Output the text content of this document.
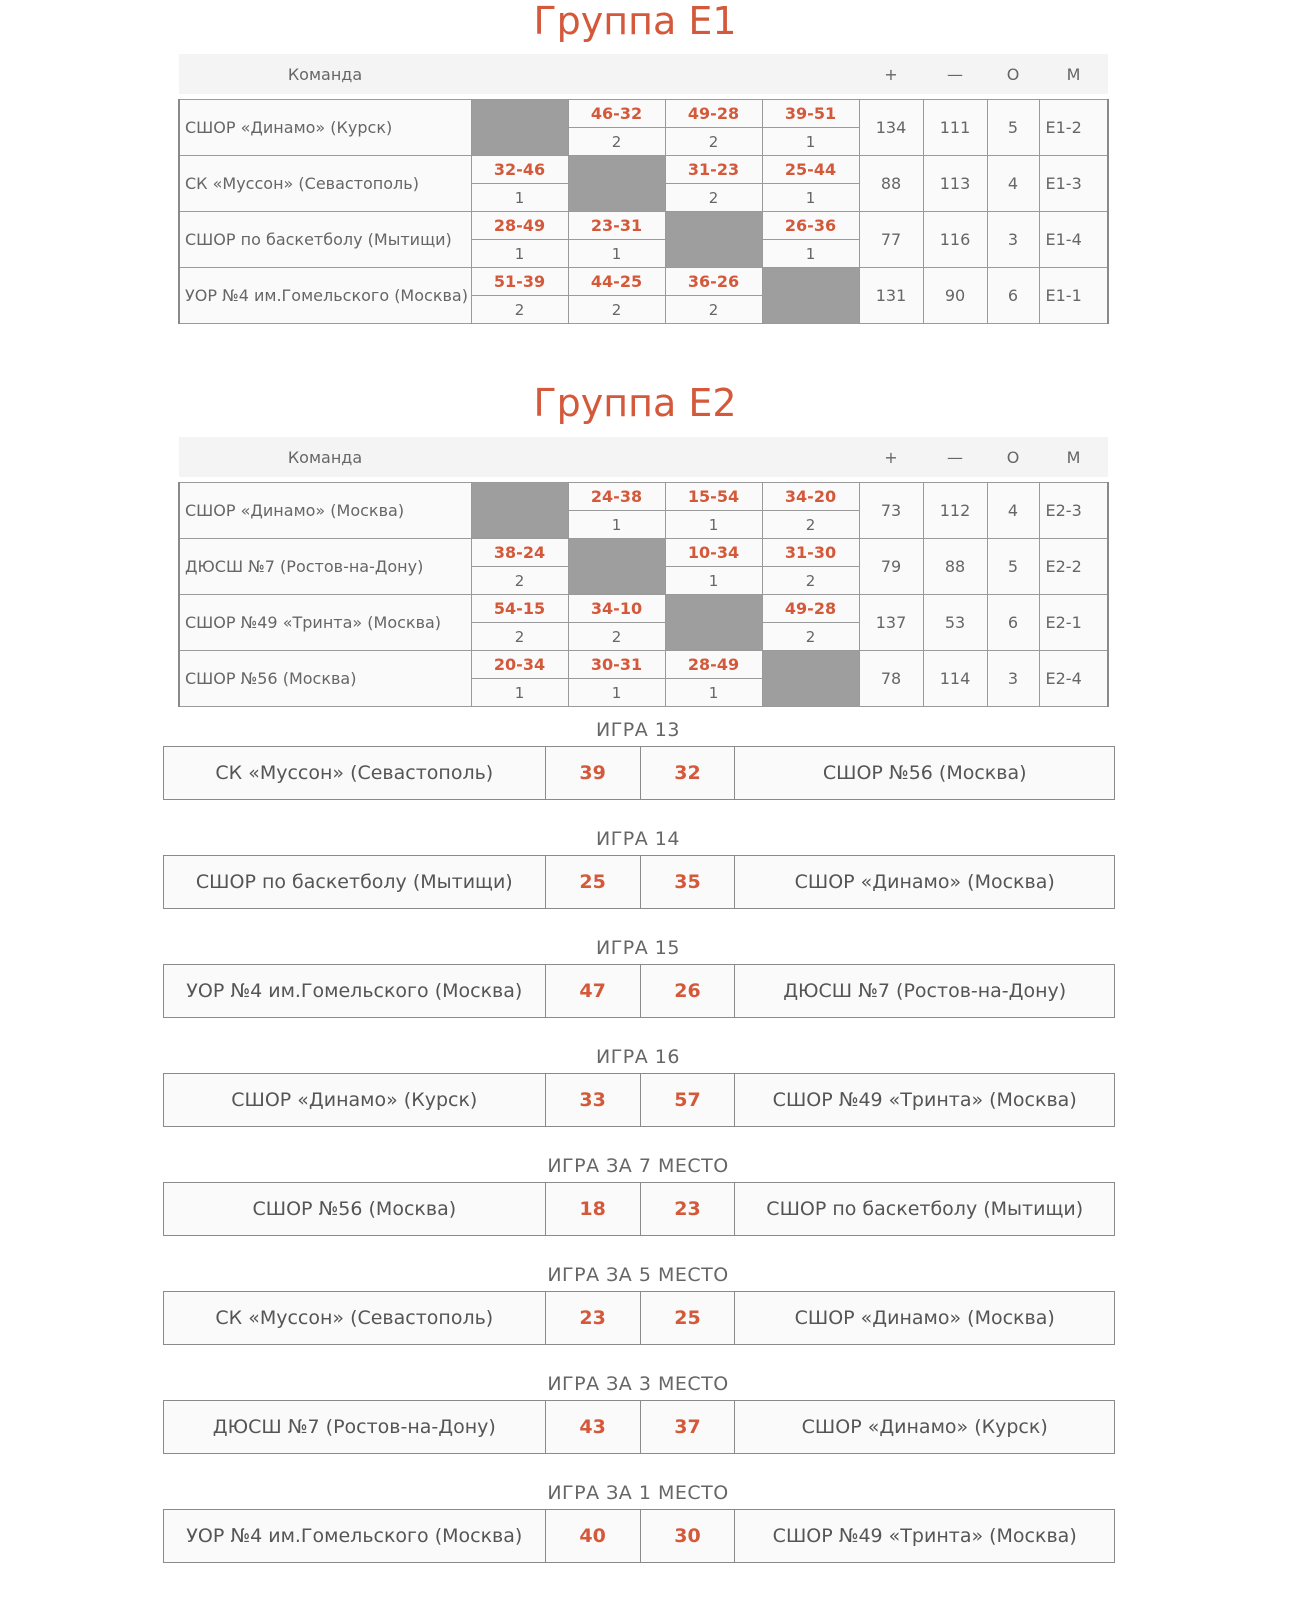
Группа E1
Команда					+	—	О	М

СШОР «Динамо» (Курск)		46-32	49-28	39-51	134	111	5	E1-2
		2	2	1				
СК «Муссон» (Севастополь)	32-46		31-23	25-44	88	113	4	E1-3
	1		2	1				
СШОР по баскетболу (Мытищи)	28-49	23-31		26-36	77	116	3	E1-4
	1	1		1				
УОР №4 им.Гомельского (Москва)	51-39	44-25	36-26		131	90	6	E1-1
	2	2	2					
Группа E2
Команда					+	—	О	М

СШОР «Динамо» (Москва)		24-38	15-54	34-20	73	112	4	E2-3
		1	1	2				
ДЮСШ №7 (Ростов-на-Дону)	38-24		10-34	31-30	79	88	5	E2-2
	2		1	2				
СШОР №49 «Тринта» (Москва)	54-15	34-10		49-28	137	53	6	E2-1
	2	2		2				
СШОР №56 (Москва)	20-34	30-31	28-49		78	114	3	E2-4
	1	1	1					
ИГРА 13
СК «Муссон» (Севастополь)	39	32	СШОР №56 (Москва)
ИГРА 14
СШОР по баскетболу (Мытищи)	25	35	СШОР «Динамо» (Москва)
ИГРА 15
УОР №4 им.Гомельского (Москва)	47	26	ДЮСШ №7 (Ростов-на-Дону)
ИГРА 16
СШОР «Динамо» (Курск)	33	57	СШОР №49 «Тринта» (Москва)
ИГРА ЗА 7 МЕСТО
СШОР №56 (Москва)	18	23	СШОР по баскетболу (Мытищи)
ИГРА ЗА 5 МЕСТО
СК «Муссон» (Севастополь)	23	25	СШОР «Динамо» (Москва)
ИГРА ЗА 3 МЕСТО
ДЮСШ №7 (Ростов-на-Дону)	43	37	СШОР «Динамо» (Курск)
ИГРА ЗА 1 МЕСТО
УОР №4 им.Гомельского (Москва)	40	30	СШОР №49 «Тринта» (Москва)
